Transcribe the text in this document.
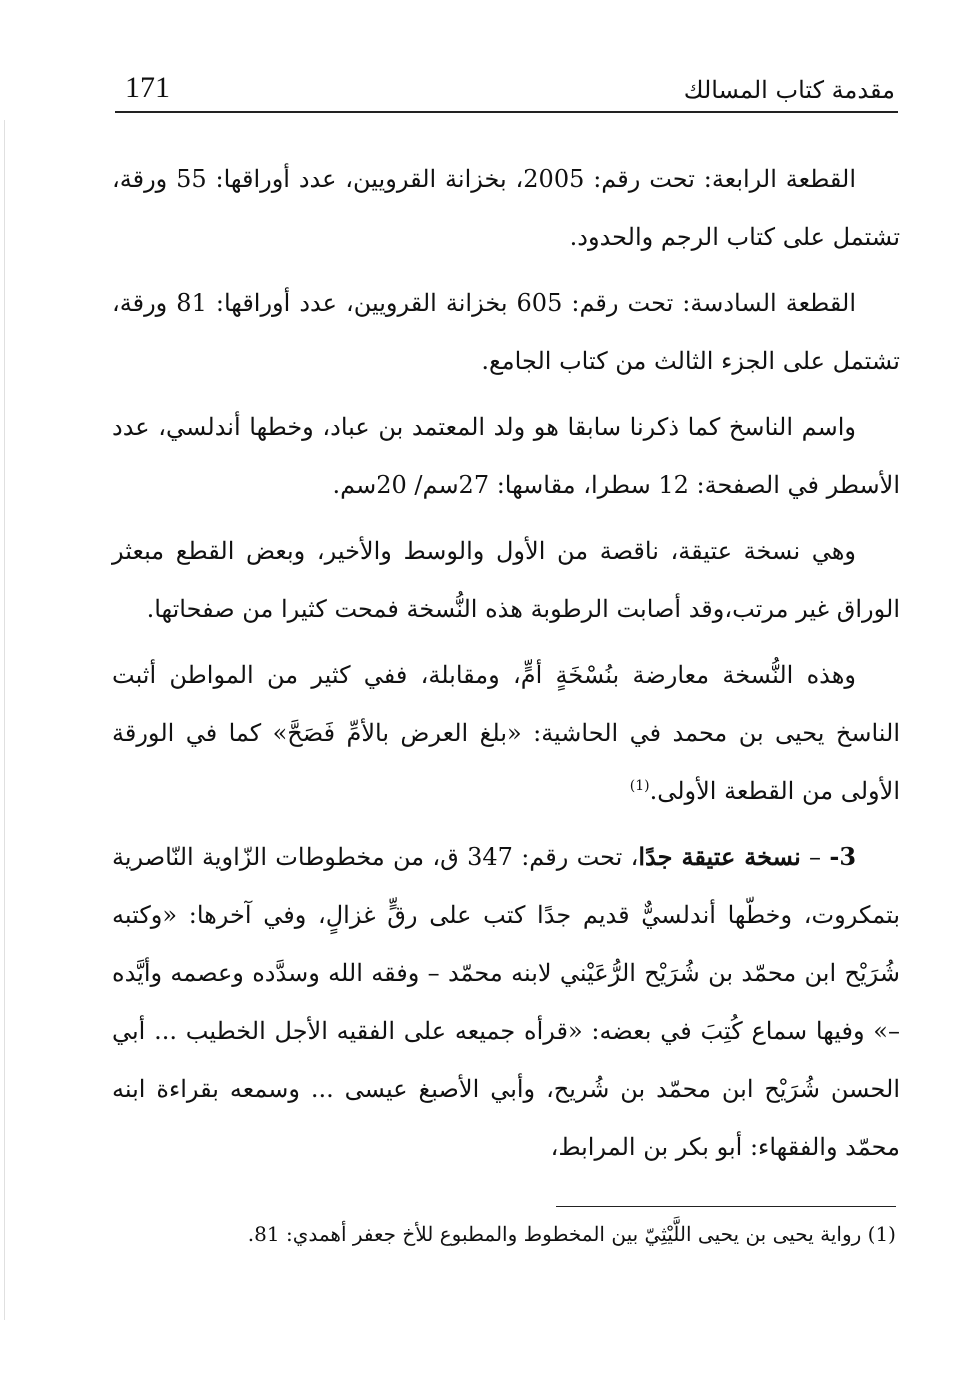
171	مقدمة كتاب المسالك

القطعة الرابعة: تحت رقم: 2005، بخزانة القرويين، عدد أوراقها: 55 ورقة، تشتمل على كتاب الرجم والحدود.

القطعة السادسة: تحت رقم: 605 بخزانة القرويين، عدد أوراقها: 81 ورقة، تشتمل على الجزء الثالث من كتاب الجامع.

واسم الناسخ كما ذكرنا سابقا هو ولد المعتمد بن عباد، وخطها أندلسي، عدد الأسطر في الصفحة: 12 سطرا، مقاسها: 27سم/ 20سم.

وهي نسخة عتيقة، ناقصة من الأول والوسط والأخير، وبعض القطع مبعثر الوراق غير مرتب،وقد أصابت الرطوبة هذه النُّسخة فمحت كثيرا من صفحاتها.

وهذه النُّسخة معارضة بنُسْخَةٍ أمٍّ، ومقابلة، ففي كثير من المواطن أثبت الناسخ يحيى بن محمد في الحاشية: «بلغ العرض بالأمِّ فَصَحَّ» كما في الورقة الأولى من القطعة الأولى.$^{(1)}$

3- – نسخة عتيقة جدًا، تحت رقم: 347 ق، من مخطوطات الزّاوية النّاصرية بتمكروت، وخطّها أندلسيٌّ قديم جدًا كتب على رقٍّ غزالٍ، وفي آخرها: «وكتبه شُرَيْح ابن محمّد بن شُرَيْح الرُّعَيْني لابنه محمّد – وفقه الله وسدَّده وعصمه وأيَّده –» وفيها سماع كُتِبَ في بعضه: «قرأه جميعه على الفقيه الأجل الخطيب ... أبي الحسن شُرَيْح ابن محمّد بن شُريح، وأبي الأصبغ عيسى ... وسمعه بقراءة ابنه محمّد والفقهاء: أبو بكر بن المرابط،

(1) رواية يحيى بن يحيى اللَّيْثِيّ بين المخطوط والمطبوع للأخ جعفر أهمدي: 81.
